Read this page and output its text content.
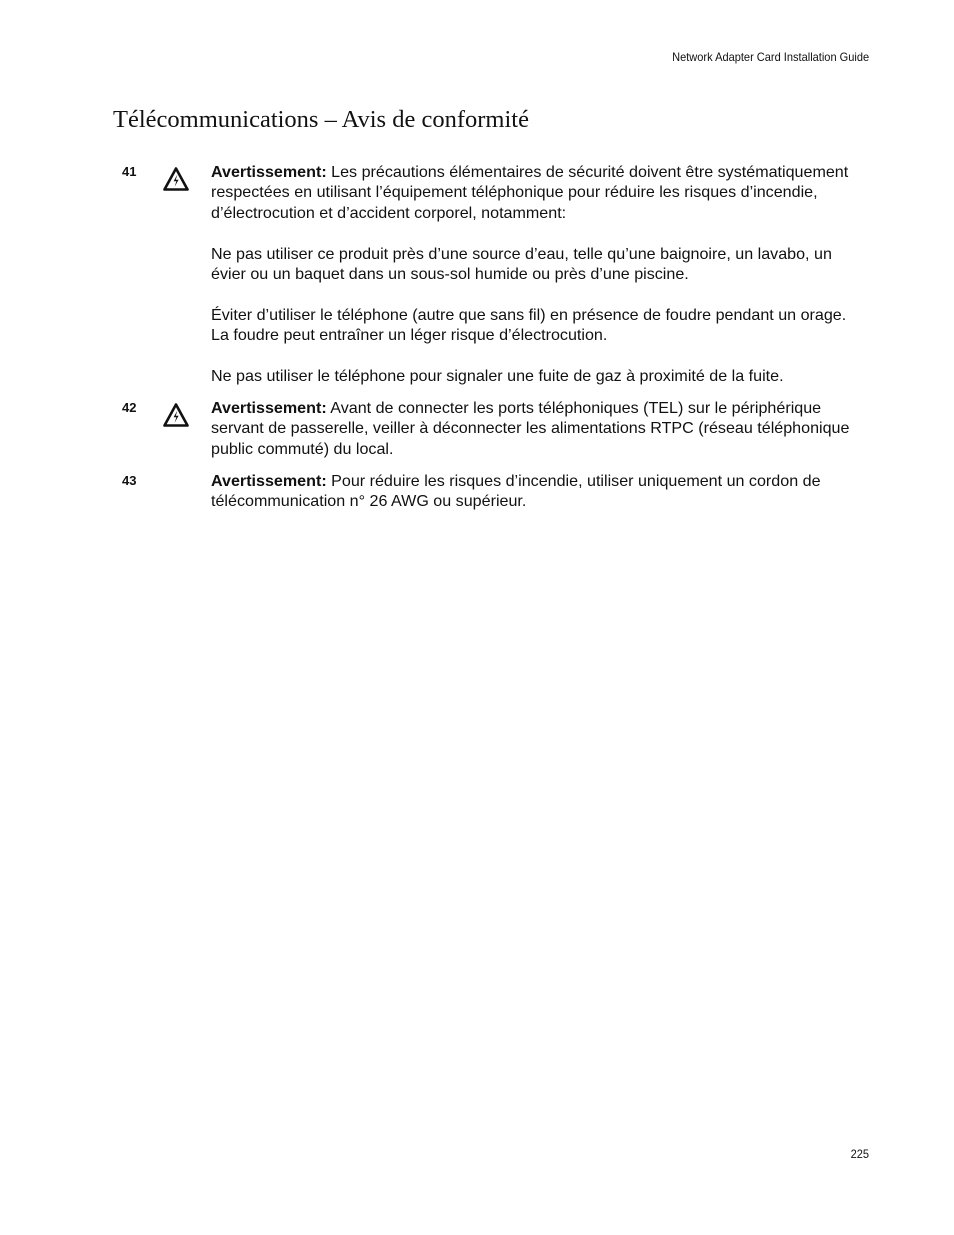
Network Adapter Card Installation Guide
Télécommunications – Avis de conformité
41	Avertissement: Les précautions élémentaires de sécurité doivent être systématiquement respectées en utilisant l’équipement téléphonique pour réduire les risques d’incendie, d’électrocution et d’accident corporel, notamment:

Ne pas utiliser ce produit près d’une source d’eau, telle qu’une baignoire, un lavabo, un évier ou un baquet dans un sous-sol humide ou près d’une piscine.

Éviter d’utiliser le téléphone (autre que sans fil) en présence de foudre pendant un orage. La foudre peut entraîner un léger risque d’électrocution.

Ne pas utiliser le téléphone pour signaler une fuite de gaz à proximité de la fuite.

42	Avertissement: Avant de connecter les ports téléphoniques (TEL) sur le périphérique servant de passerelle, veiller à déconnecter les alimentations RTPC (réseau téléphonique public commuté) du local.

43	Avertissement: Pour réduire les risques d’incendie, utiliser uniquement un cordon de télécommunication n° 26 AWG ou supérieur.

225
